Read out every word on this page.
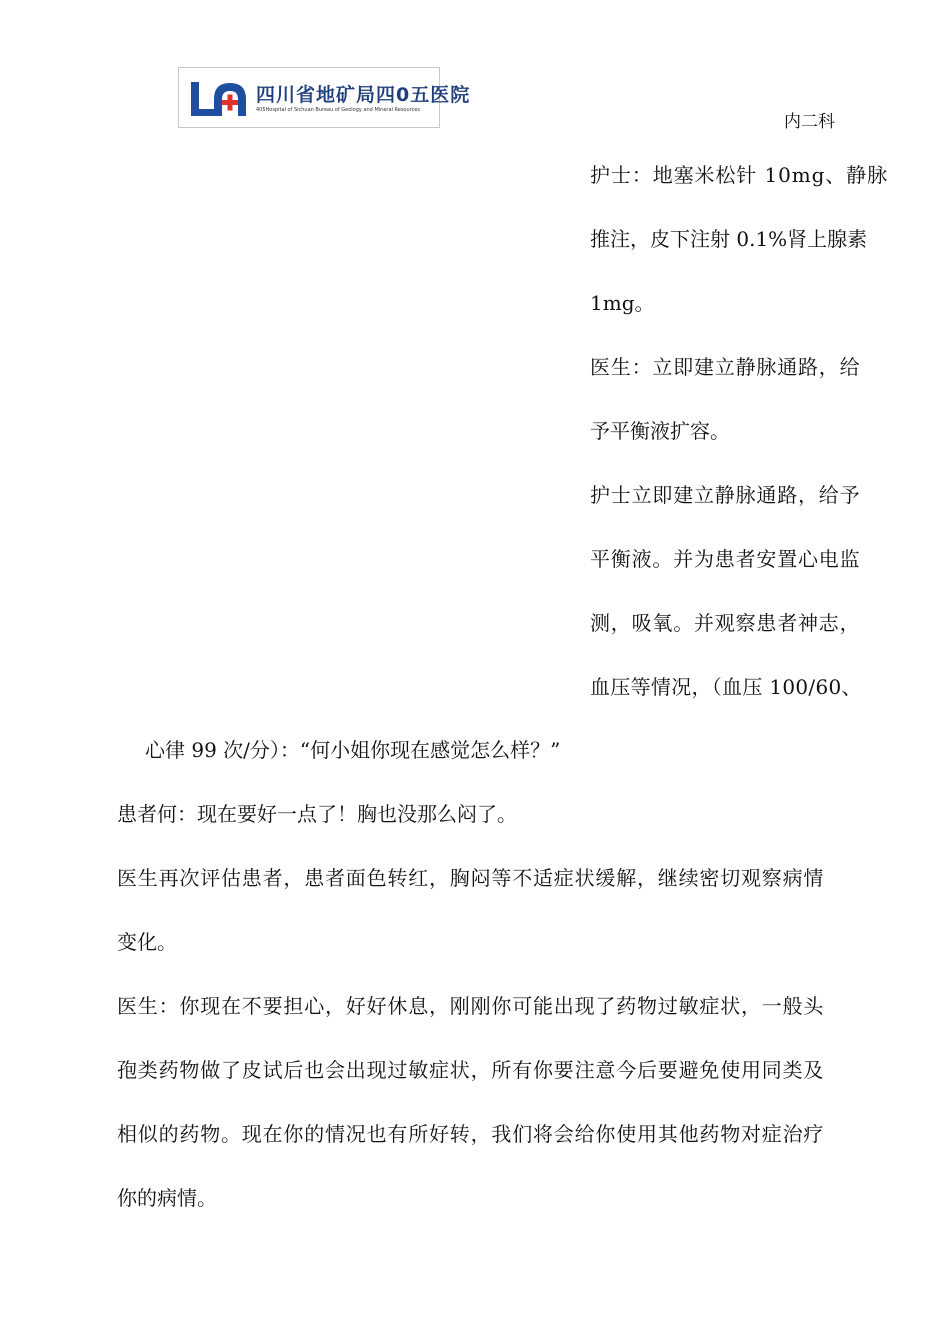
四川省地矿局四0五医院
405Hospital of Sichuan Bureau of Geology and Mineral Resources
内二科
护士：地塞米松针 10mg、静脉
推注，皮下注射 0.1%肾上腺素
1mg。
医生：立即建立静脉通路，给
予平衡液扩容。
护士立即建立静脉通路，给予
平衡液。并为患者安置心电监
测，吸氧。并观察患者神志，
血压等情况，（血压 100/60、
心律 99 次/分）：“何小姐你现在感觉怎么样？”
患者何：现在要好一点了！胸也没那么闷了。
医生再次评估患者，患者面色转红，胸闷等不适症状缓解，继续密切观察病情
变化。
医生：你现在不要担心，好好休息，刚刚你可能出现了药物过敏症状，一般头
孢类药物做了皮试后也会出现过敏症状，所有你要注意今后要避免使用同类及
相似的药物。现在你的情况也有所好转，我们将会给你使用其他药物对症治疗
你的病情。
